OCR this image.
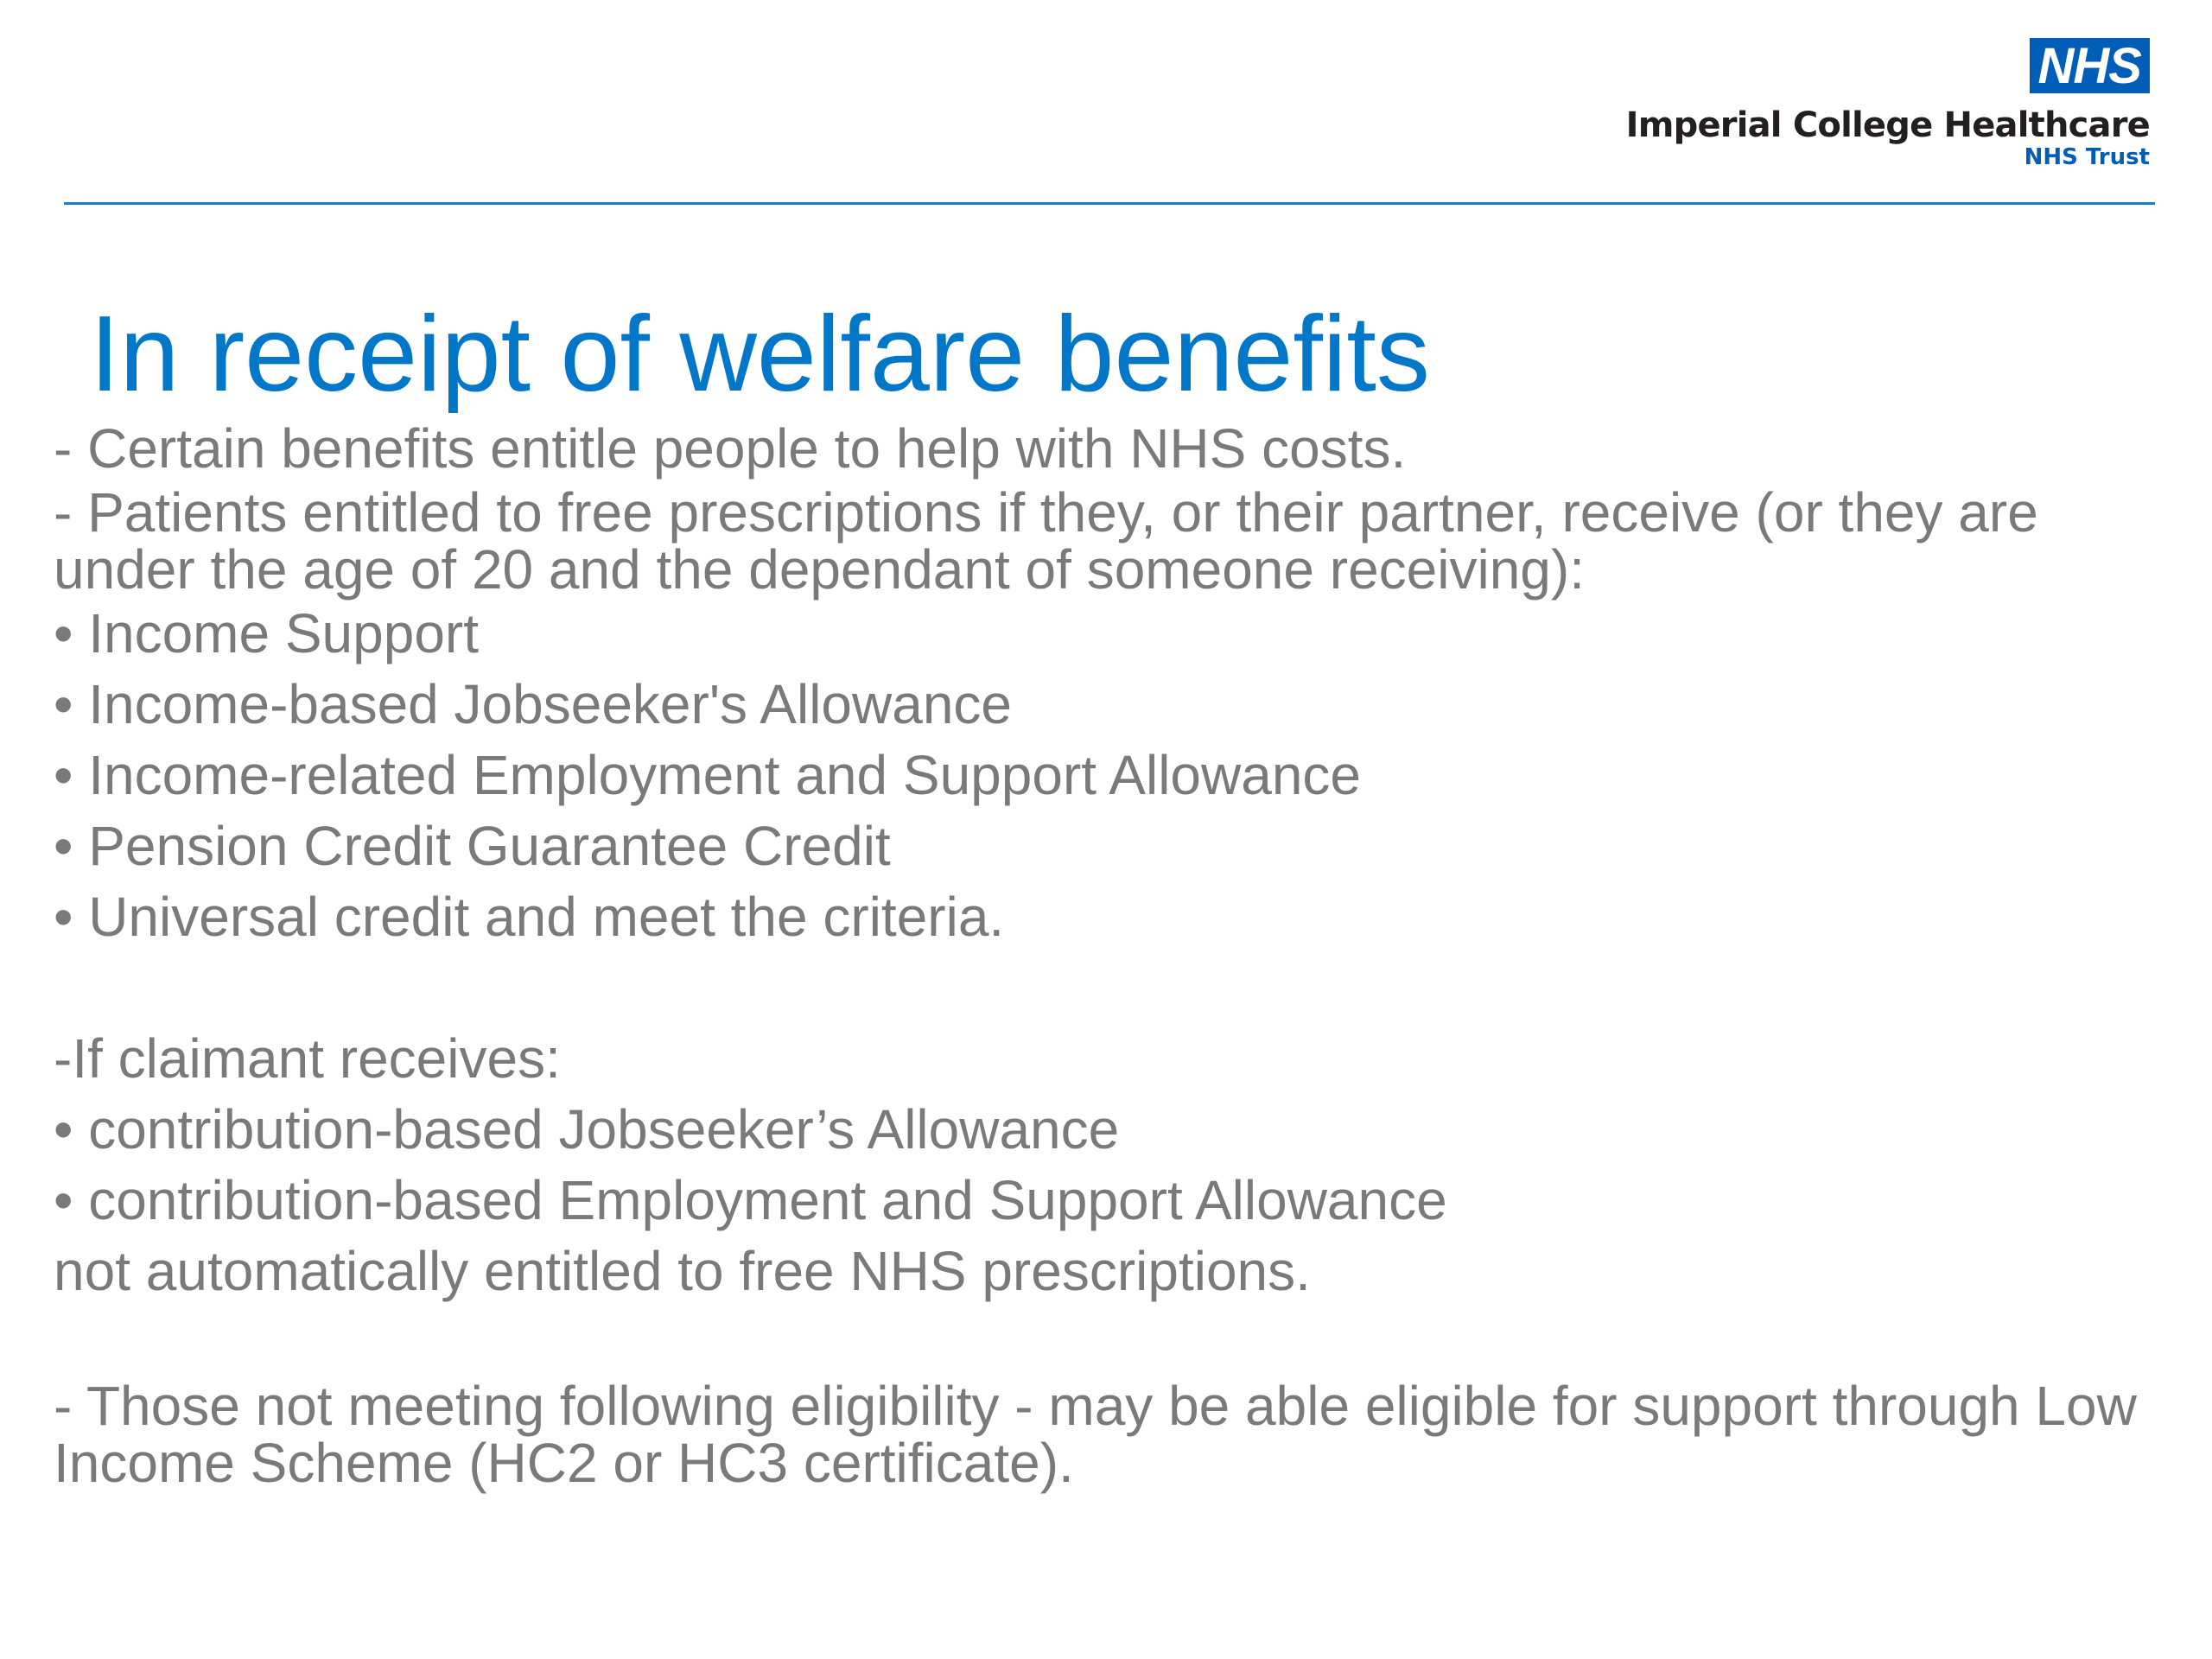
NHS
Imperial College Healthcare
NHS Trust
In receipt of welfare benefits

- Certain benefits entitle people to help with NHS costs.

- Patients entitled to free prescriptions if they, or their partner, receive (or they are under the age of 20 and the dependant of someone receiving):

• Income Support

• Income-based Jobseeker's Allowance

• Income-related Employment and Support Allowance

• Pension Credit Guarantee Credit

• Universal credit and meet the criteria.

-If claimant receives:

• contribution-based Jobseeker’s Allowance

• contribution-based Employment and Support Allowance

not automatically entitled to free NHS prescriptions.

- Those not meeting following eligibility - may be able eligible for support through Low Income Scheme (HC2 or HC3 certificate).
